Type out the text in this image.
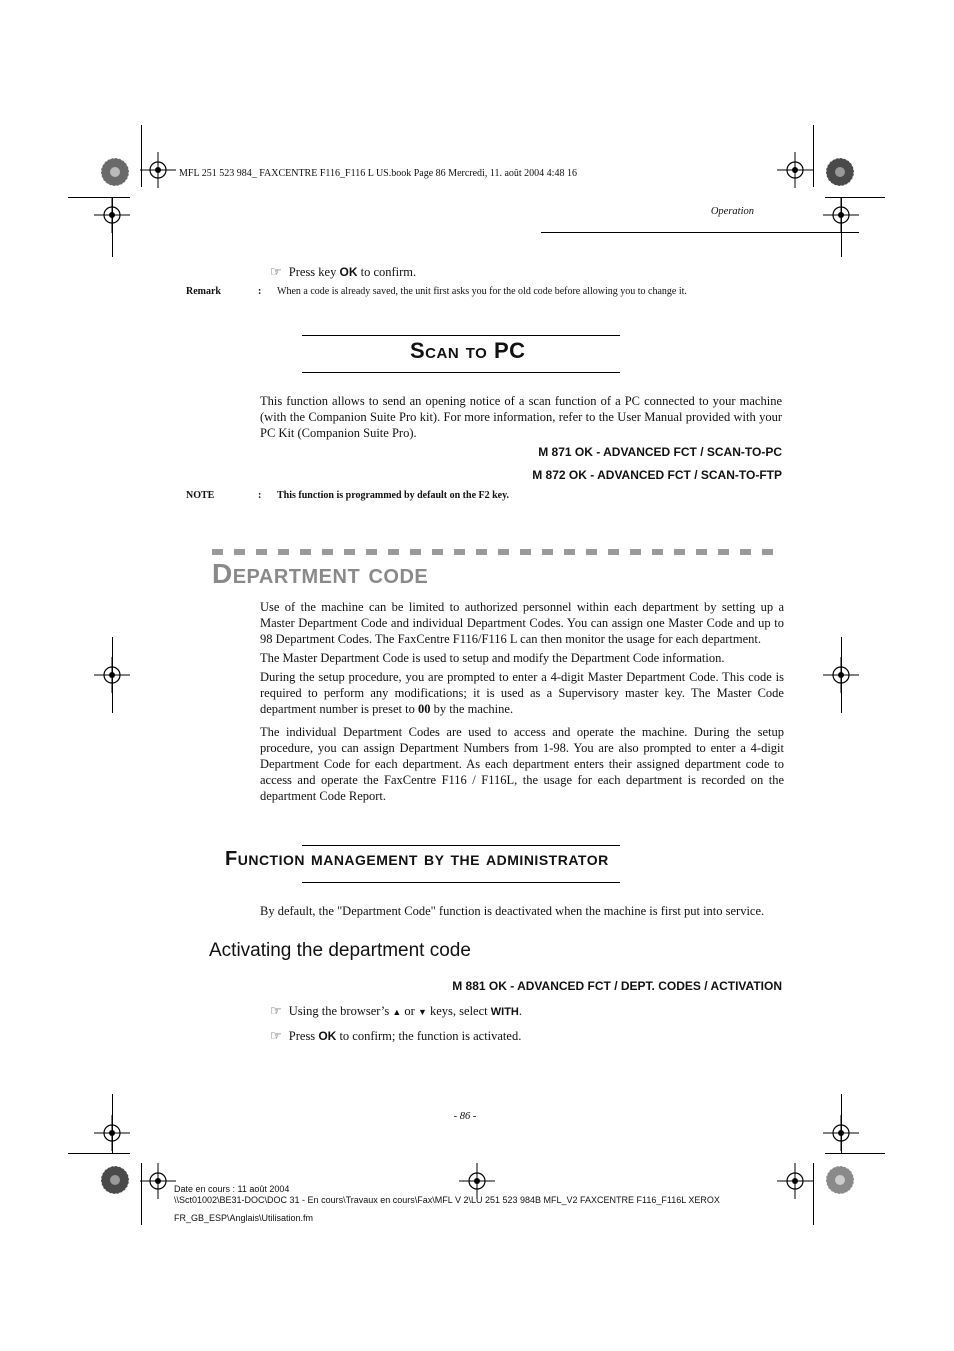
MFL 251 523 984_ FAXCENTRE F116_F116 L US.book Page 86 Mercredi, 11. août 2004 4:48 16
Operation
☞ Press key OK to confirm.
Remark	: When a code is already saved, the unit first asks you for the old code before allowing you to change it.
Scan to PC
This function allows to send an opening notice of a scan function of a PC connected to your machine (with the Companion Suite Pro kit). For more information, refer to the User Manual provided with your PC Kit (Companion Suite Pro).
M 871 OK - ADVANCED FCT / SCAN-TO-PC
M 872 OK - ADVANCED FCT / SCAN-TO-FTP
NOTE	: This function is programmed by default on the F2 key.
Department code
Use of the machine can be limited to authorized personnel within each department by setting up a Master Department Code and individual Department Codes. You can assign one Master Code and up to 98 Department Codes. The FaxCentre F116/F116 L can then monitor the usage for each department.
The Master Department Code is used to setup and modify the Department Code information.
During the setup procedure, you are prompted to enter a 4-digit Master Department Code. This code is required to perform any modifications; it is used as a Supervisory master key. The Master Code department number is preset to 00 by the machine.
The individual Department Codes are used to access and operate the machine. During the setup procedure, you can assign Department Numbers from 1-98. You are also prompted to enter a 4-digit Department Code for each department. As each department enters their assigned department code to access and operate the FaxCentre F116 / F116L, the usage for each department is recorded on the department Code Report.
Function management by the administrator
By default, the "Department Code" function is deactivated when the machine is first put into service.
Activating the department code
M 881 OK - ADVANCED FCT / DEPT. CODES / ACTIVATION
☞ Using the browser’s ▲ or ▼ keys, select WITH.
☞ Press OK to confirm; the function is activated.
- 86 -
Date en cours : 11 août 2004
\\Sct01002\BE31-DOC\DOC 31 - En cours\Travaux en cours\Fax\MFL V 2\LU 251 523 984B MFL_V2 FAXCENTRE F116_F116L XEROX
FR_GB_ESP\Anglais\Utilisation.fm
